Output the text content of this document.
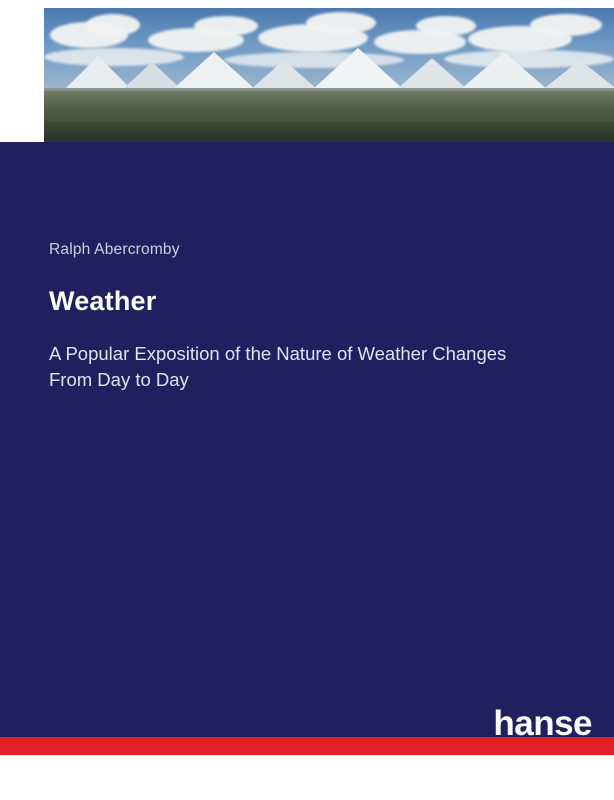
Ralph Abercromby
Weather
A Popular Exposition of the Nature of Weather Changes From Day to Day
hanse
